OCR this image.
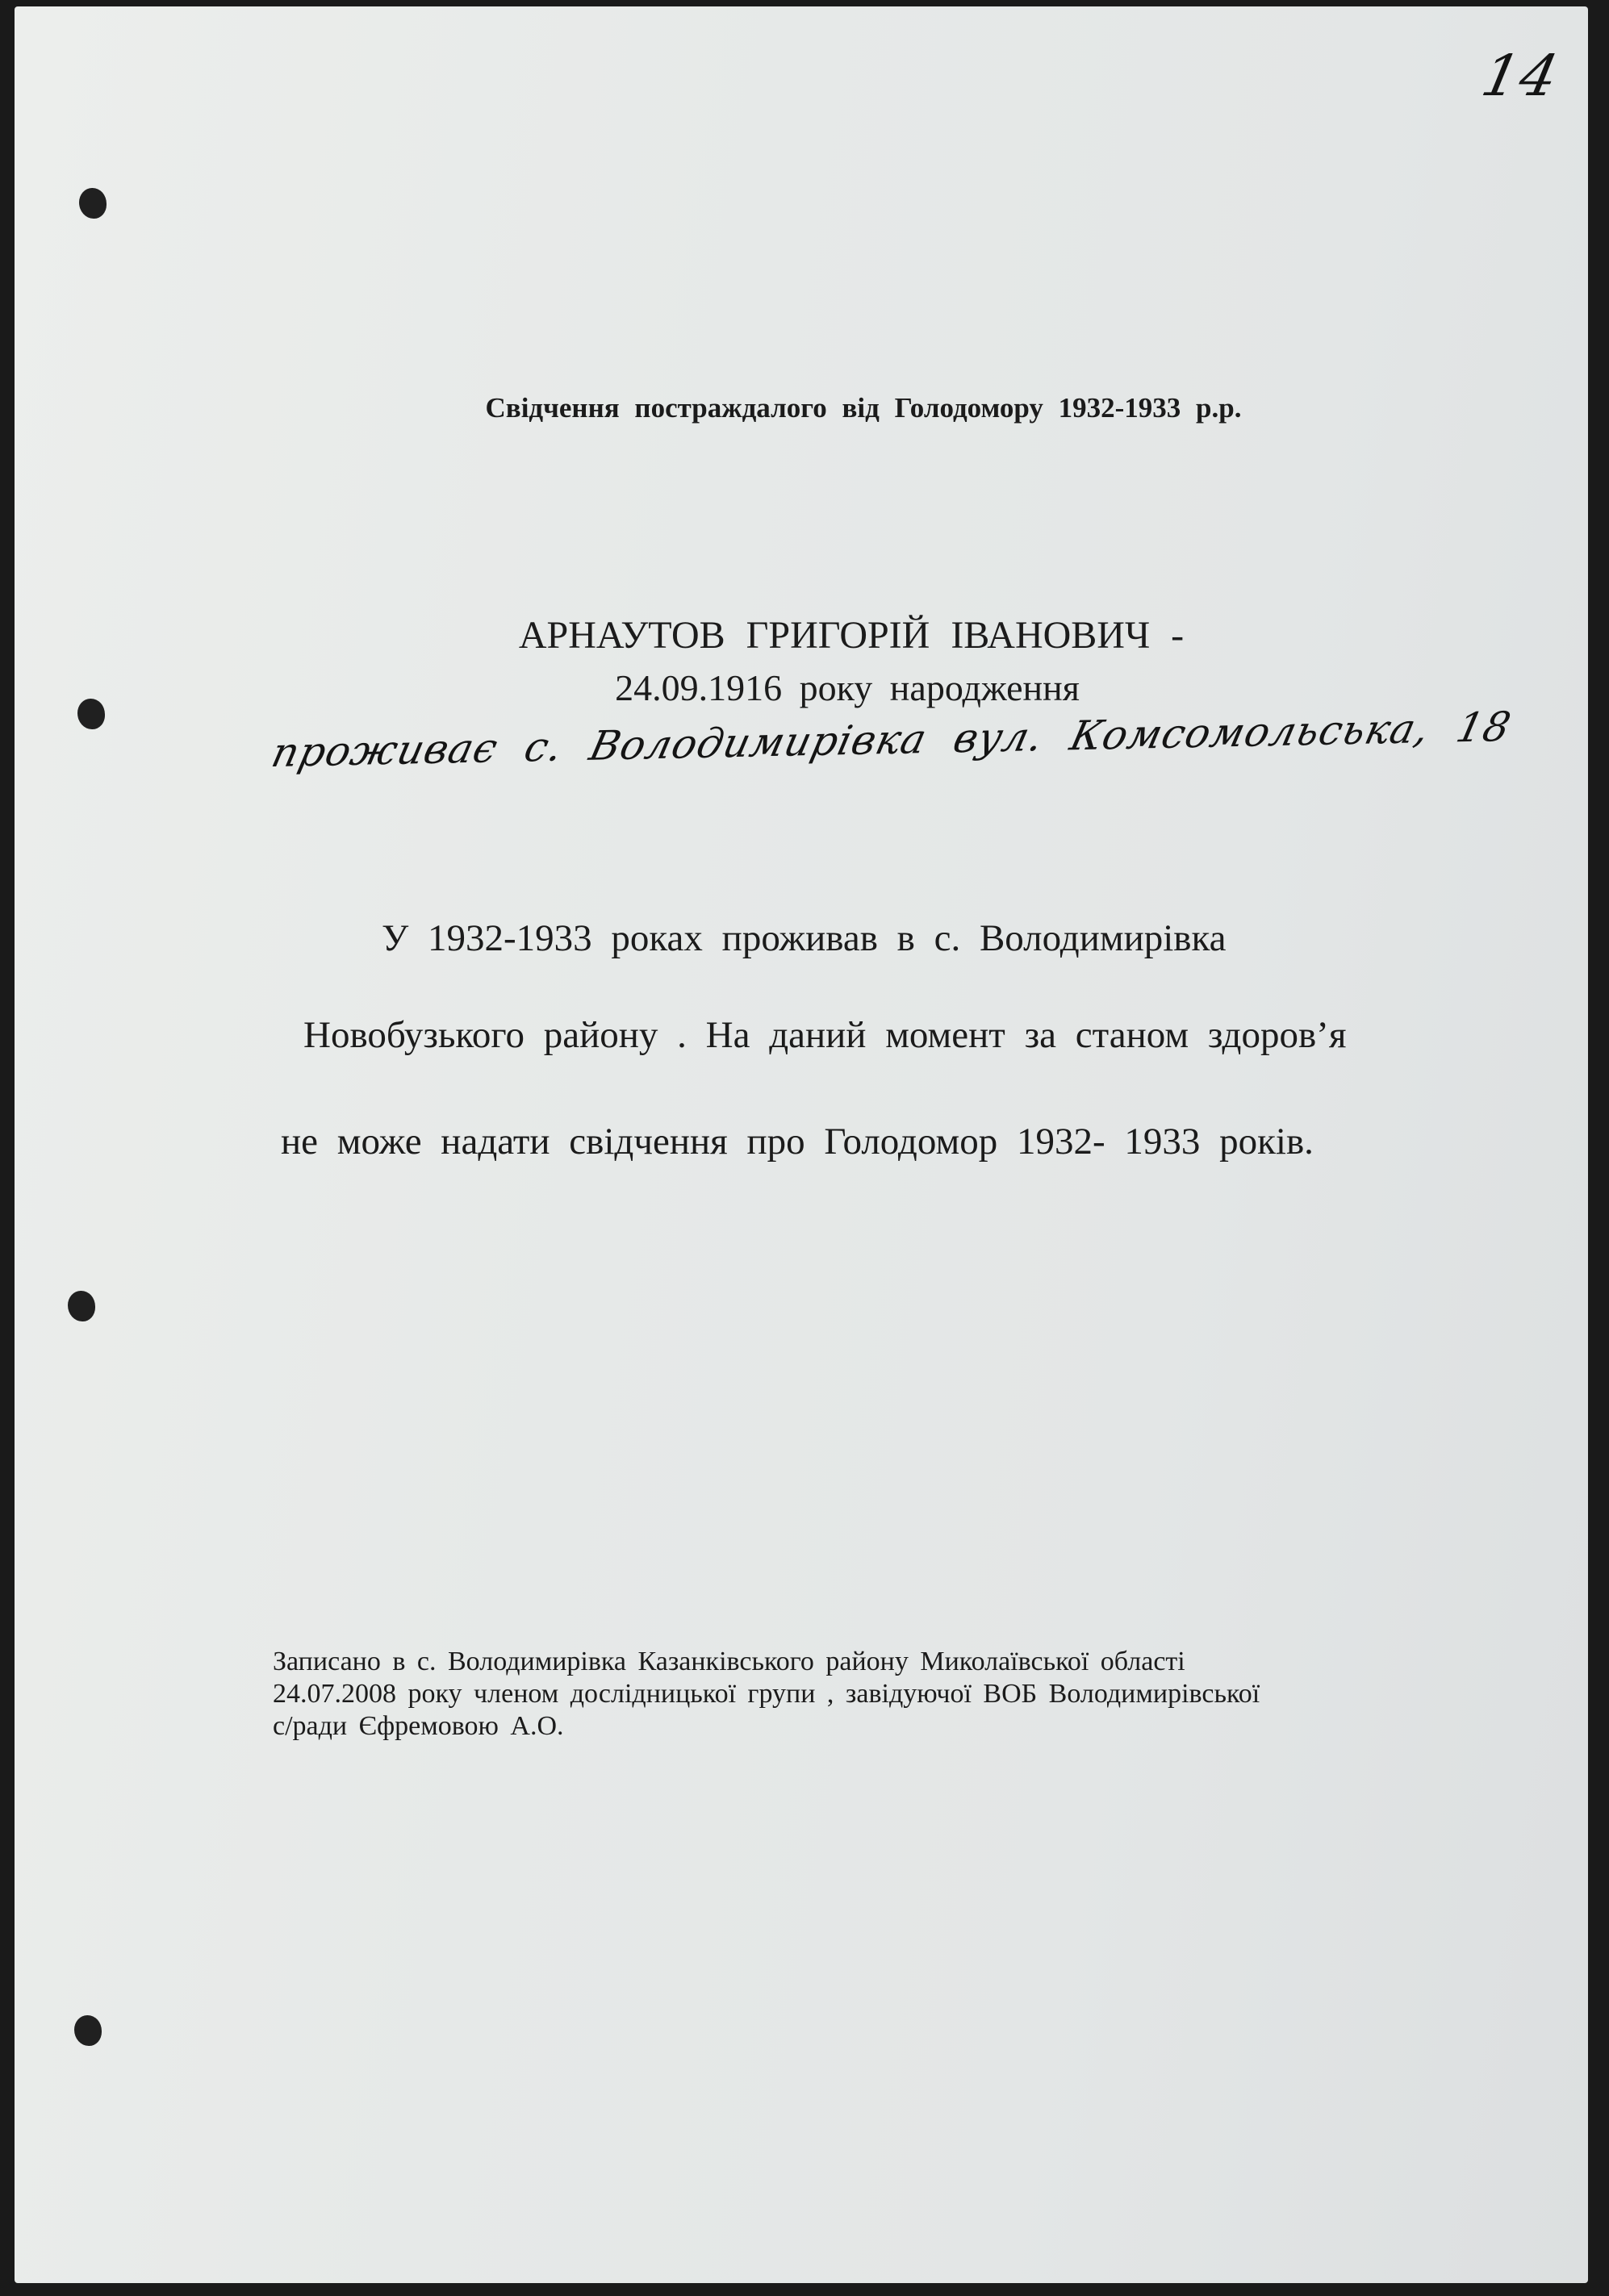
14
Свідчення постраждалого від Голодомору 1932-1933 р.р.
АРНАУТОВ ГРИГОРІЙ ІВАНОВИЧ -
24.09.1916 року народження
проживає с. Володимирівка вул. Комсомольська, 18
У 1932-1933 роках проживав в с. Володимирівка
Новобузького району . На даний момент за станом здоров’я
не може надати свідчення про Голодомор 1932- 1933 років.
Записано в с. Володимирівка Казанківського району Миколаївської області
24.07.2008 року членом дослідницької групи , завідуючої ВОБ Володимирівської
с/ради Єфремовою А.О.
